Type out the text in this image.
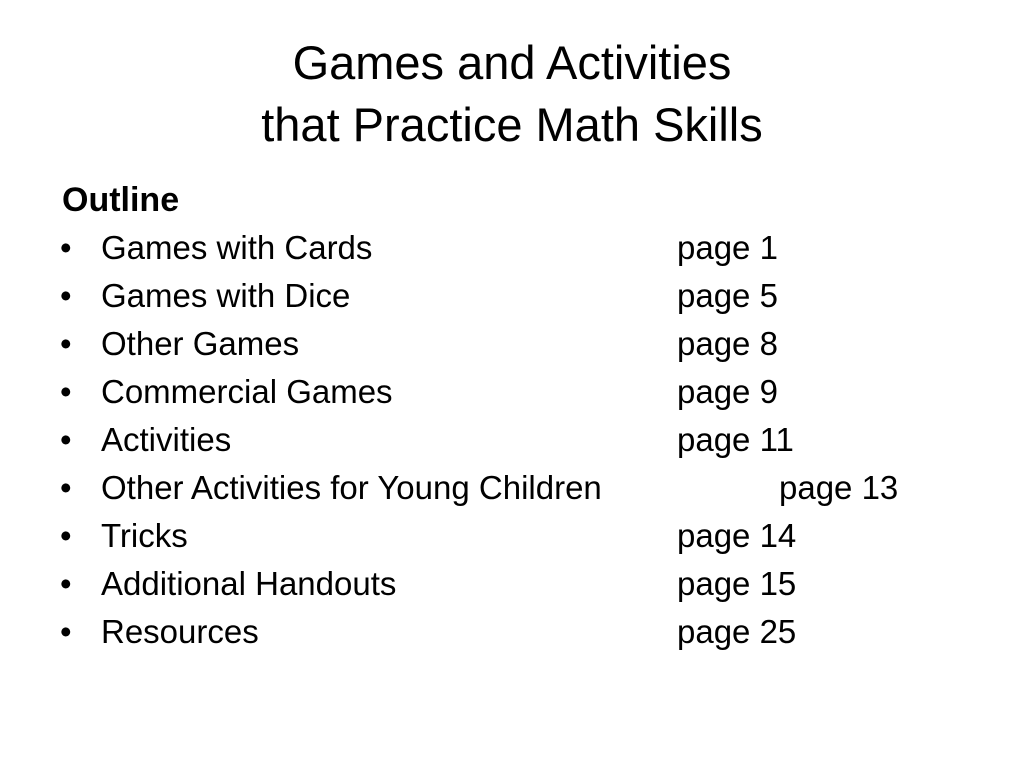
Games and Activities
that Practice Math Skills
Outline
• Games with Cards	page 1
• Games with Dice	page 5
• Other Games	page 8
• Commercial Games	page 9
• Activities	page 11
• Other Activities for Young Children	page 13
• Tricks	page 14
• Additional Handouts	page 15
• Resources	page 25
